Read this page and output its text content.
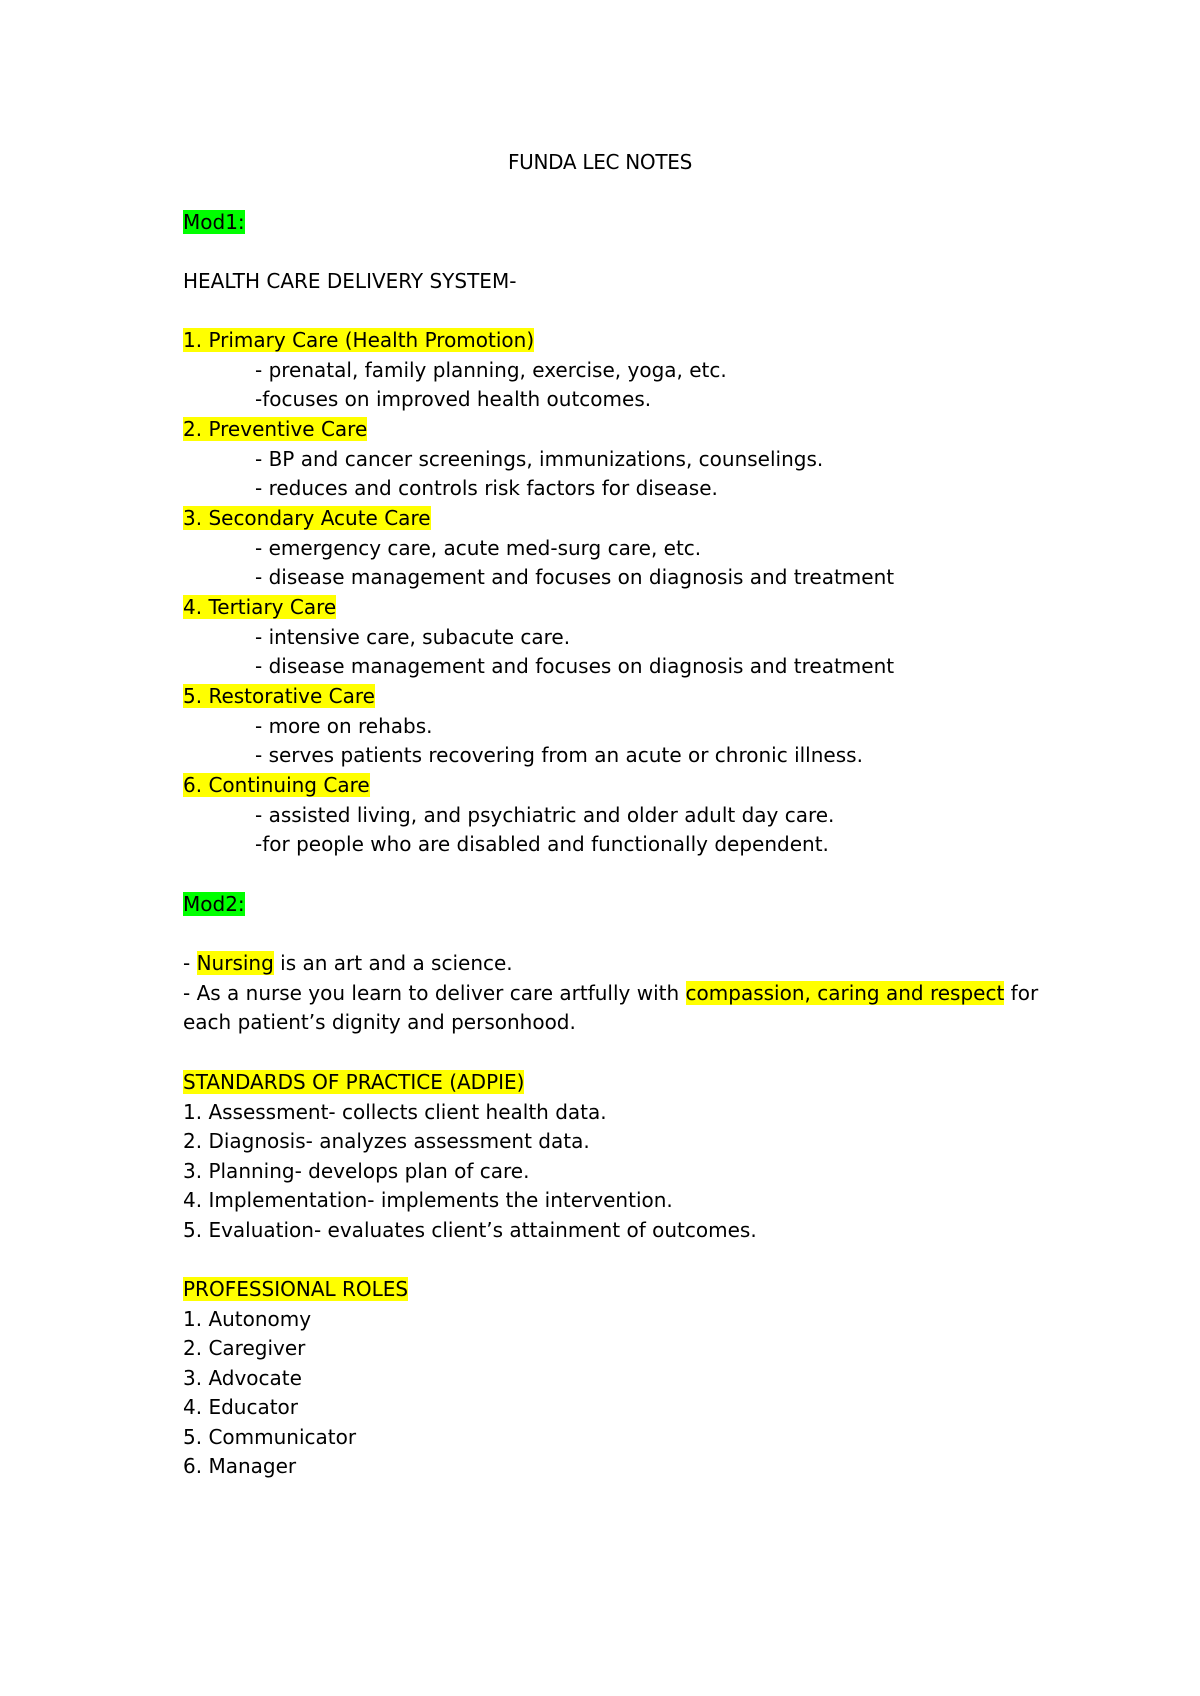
FUNDA LEC NOTES

Mod1:

HEALTH CARE DELIVERY SYSTEM-

1. Primary Care (Health Promotion)

- prenatal, family planning, exercise, yoga, etc.

-focuses on improved health outcomes.

2. Preventive Care

- BP and cancer screenings, immunizations, counselings.

- reduces and controls risk factors for disease.

3. Secondary Acute Care

- emergency care, acute med-surg care, etc.

- disease management and focuses on diagnosis and treatment

4. Tertiary Care

- intensive care, subacute care.

- disease management and focuses on diagnosis and treatment

5. Restorative Care

- more on rehabs.

- serves patients recovering from an acute or chronic illness.

6. Continuing Care

- assisted living, and psychiatric and older adult day care.

-for people who are disabled and functionally dependent.

Mod2:

- Nursing is an art and a science.

- As a nurse you learn to deliver care artfully with compassion, caring and respect for

each patient’s dignity and personhood.

STANDARDS OF PRACTICE (ADPIE)

1. Assessment- collects client health data.

2. Diagnosis- analyzes assessment data.

3. Planning- develops plan of care.

4. Implementation- implements the intervention.

5. Evaluation- evaluates client’s attainment of outcomes.

PROFESSIONAL ROLES

1. Autonomy

2. Caregiver

3. Advocate

4. Educator

5. Communicator

6. Manager
